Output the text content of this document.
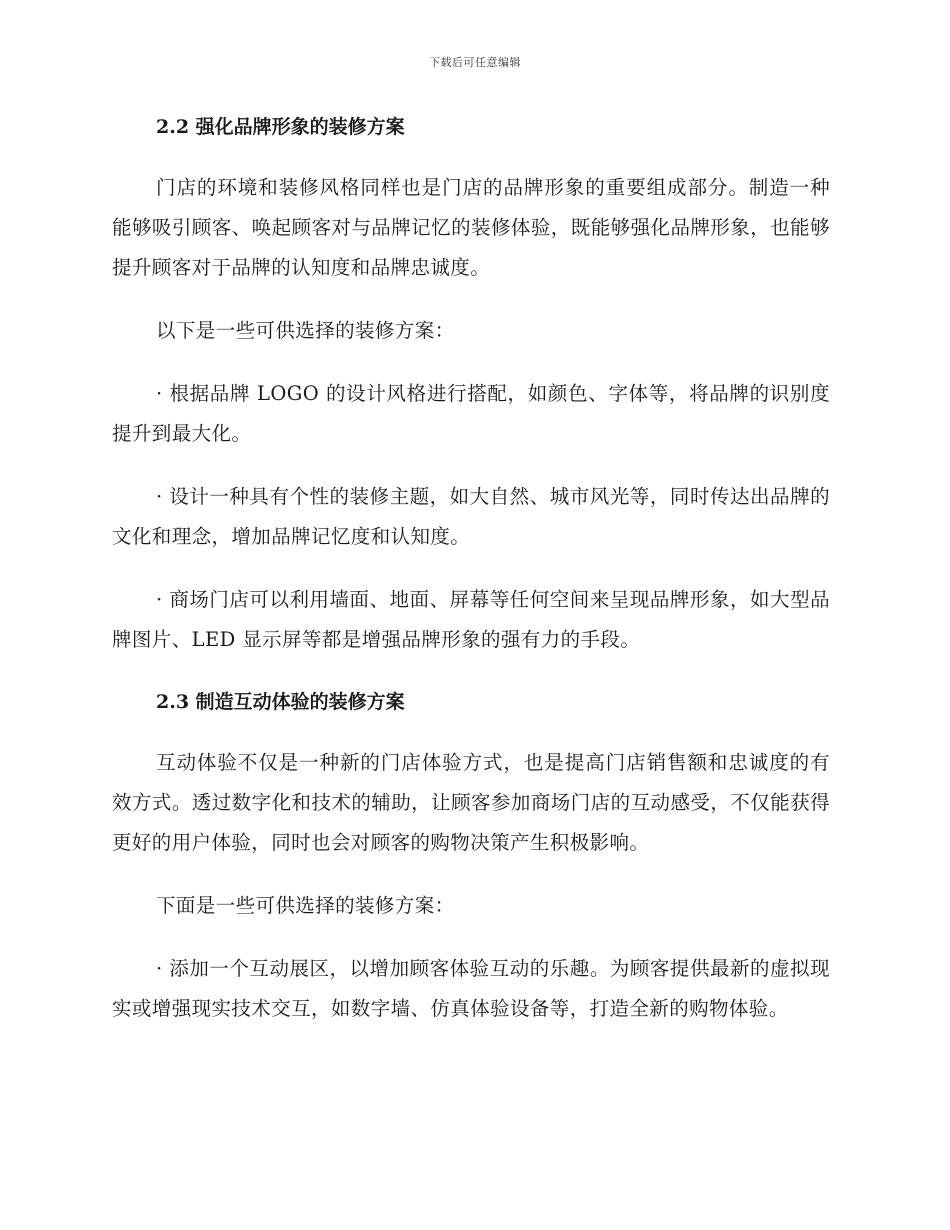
下载后可任意编辑
2.2 强化品牌形象的装修方案

门店的环境和装修风格同样也是门店的品牌形象的重要组成部分。制造一种能够吸引顾客、唤起顾客对与品牌记忆的装修体验，既能够强化品牌形象，也能够提升顾客对于品牌的认知度和品牌忠诚度。

以下是一些可供选择的装修方案：

· 根据品牌 LOGO 的设计风格进行搭配，如颜色、字体等，将品牌的识别度提升到最大化。

· 设计一种具有个性的装修主题，如大自然、城市风光等，同时传达出品牌的文化和理念，增加品牌记忆度和认知度。

· 商场门店可以利用墙面、地面、屏幕等任何空间来呈现品牌形象，如大型品牌图片、LED 显示屏等都是增强品牌形象的强有力的手段。

2.3 制造互动体验的装修方案

互动体验不仅是一种新的门店体验方式，也是提高门店销售额和忠诚度的有效方式。透过数字化和技术的辅助，让顾客参加商场门店的互动感受，不仅能获得更好的用户体验，同时也会对顾客的购物决策产生积极影响。

下面是一些可供选择的装修方案：

· 添加一个互动展区，以增加顾客体验互动的乐趣。为顾客提供最新的虚拟现实或增强现实技术交互，如数字墙、仿真体验设备等，打造全新的购物体验。
